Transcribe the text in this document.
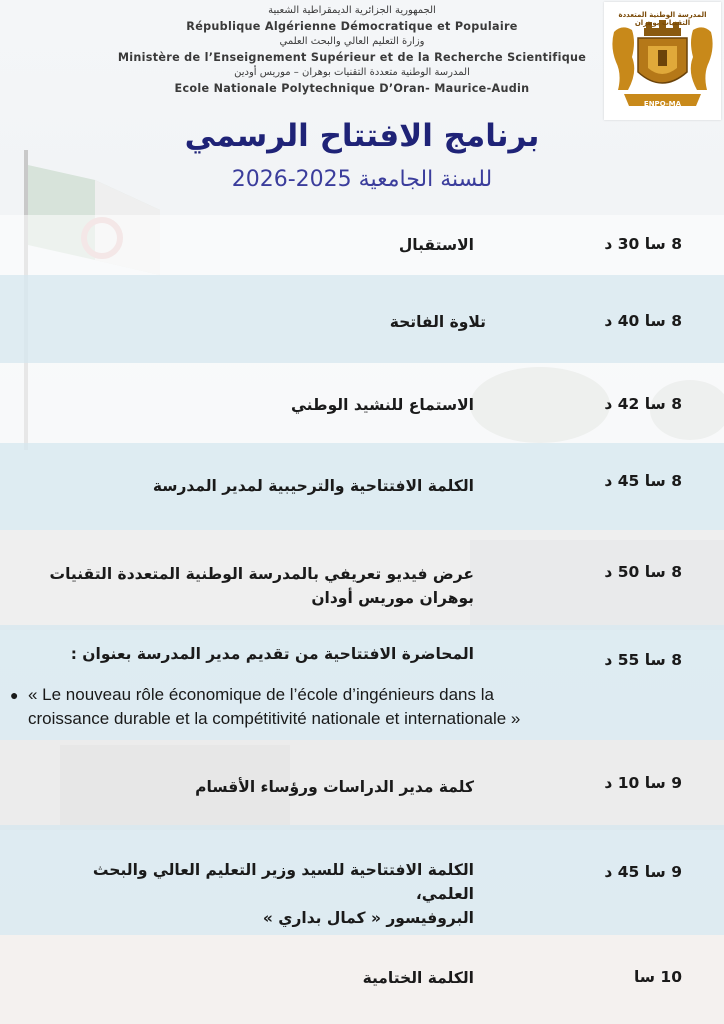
الجمهورية الجزائرية الديمقراطية الشعبية
République Algérienne Démocratique et Populaire
وزارة التعليم العالي والبحث العلمي
Ministère de l’Enseignement Supérieur et de la Recherche Scientifique
المدرسة الوطنية متعددة التقنيات بوهران – موريس أودين
Ecole Nationale Polytechnique D’Oran- Maurice-Audin
المدرسة الوطنية المتعددة التقنيات بوهران
ENPO-MA
برنامج الافتتاح الرسمي
للسنة الجامعية 2025-2026
8 سا 30 د
الاستقبال
8 سا 40 د
تلاوة الفاتحة
8 سا 42 د
الاستماع للنشيد الوطني
8 سا 45 د
الكلمة الافتتاحية والترحيبية لمدير المدرسة
8 سا 50 د
عرض فيديو تعريفي بالمدرسة الوطنية المتعددة التقنيات
بوهران موريس أودان
8 سا 55 د
المحاضرة الافتتاحية من تقديم مدير المدرسة بعنوان :
● « Le nouveau rôle économique de l’école d’ingénieurs dans la croissance durable et la compétitivité nationale et internationale »
9 سا 10 د
كلمة مدير الدراسات ورؤساء الأقسام
9 سا 45 د
الكلمة الافتتاحية للسيد وزير التعليم العالي والبحث العلمي،
البروفيسور « كمال بداري »
10 سا
الكلمة الختامية
